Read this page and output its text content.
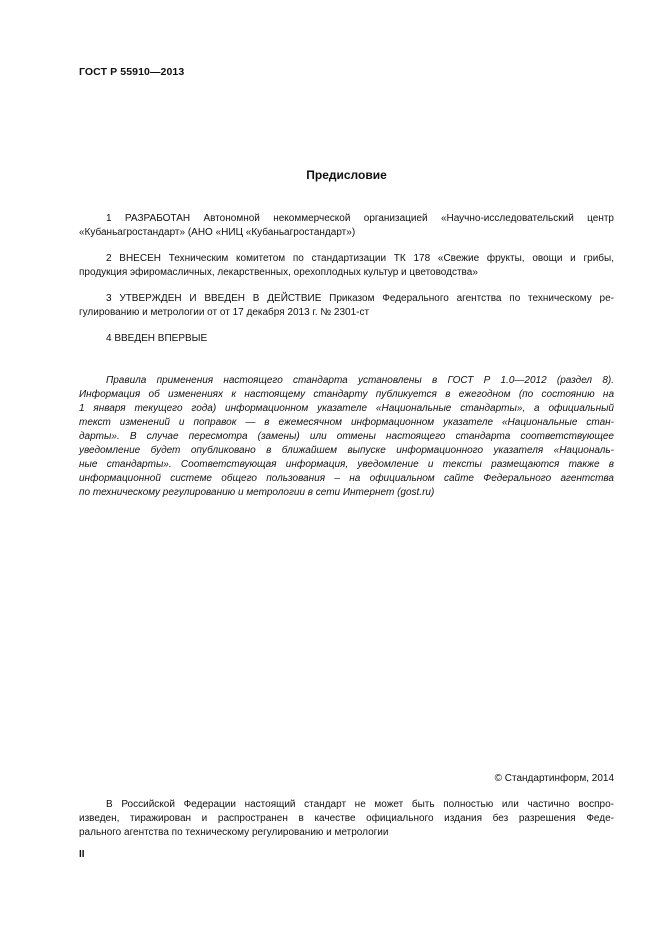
ГОСТ Р 55910—2013
Предисловие
1 РАЗРАБОТАН Автономной некоммерческой организацией «Научно-исследовательский центр
«Кубаньагростандарт» (АНО «НИЦ «Кубаньагростандарт»)
2 ВНЕСЕН Техническим комитетом по стандартизации ТК 178 «Свежие фрукты, овощи и грибы,
продукция эфиромасличных, лекарственных, орехоплодных культур и цветоводства»
3 УТВЕРЖДЕН И ВВЕДЕН В ДЕЙСТВИЕ Приказом Федерального агентства по техническому ре-
гулированию и метрологии от от 17 декабря 2013 г. № 2301-ст
4 ВВЕДЕН ВПЕРВЫЕ
Правила применения настоящего стандарта установлены в ГОСТ Р 1.0—2012 (раздел 8).
Информация об изменениях к настоящему стандарту публикуется в ежегодном (по состоянию на
1 января текущего года) информационном указателе «Национальные стандарты», а официальный
текст изменений и поправок — в ежемесячном информационном указателе «Национальные стан-
дарты». В случае пересмотра (замены) или отмены настоящего стандарта соответствующее
уведомление будет опубликовано в ближайшем выпуске информационного указателя «Националь-
ные стандарты». Соответствующая информация, уведомление и тексты размещаются также в
информационной системе общего пользования – на официальном сайте Федерального агентства
по техническому регулированию и метрологии в сети Интернет (gost.ru)
© Стандартинформ, 2014
В Российской Федерации настоящий стандарт не может быть полностью или частично воспро-
изведен, тиражирован и распространен в качестве официального издания без разрешения Феде-
рального агентства по техническому регулированию и метрологии
II
